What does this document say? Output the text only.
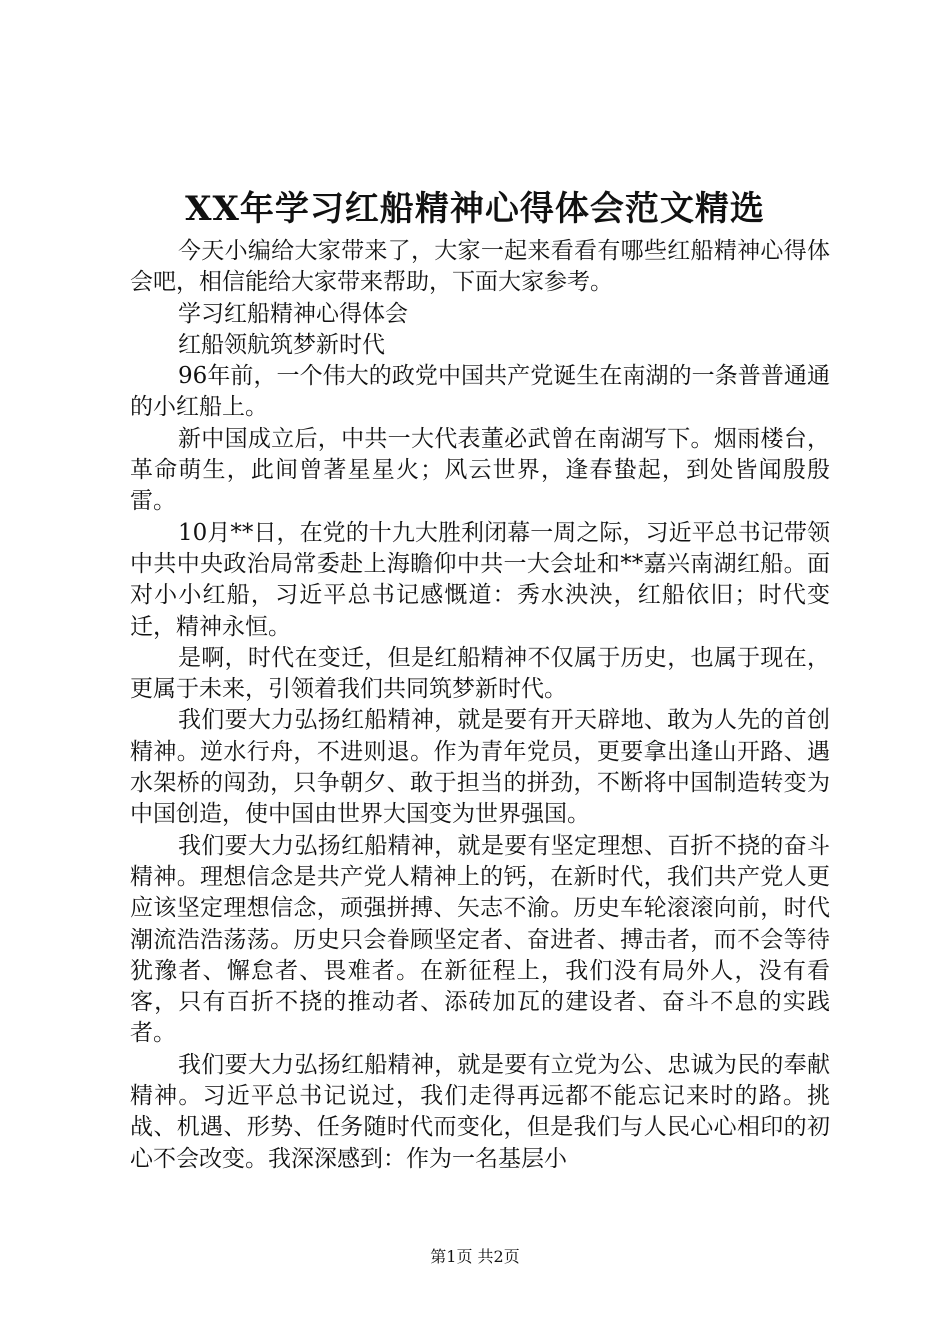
XX年学习红船精神心得体会范文精选

今天小编给大家带来了，大家一起来看看有哪些红船精神心得体会吧，相信能给大家带来帮助，下面大家参考。

学习红船精神心得体会

红船领航筑梦新时代

96年前，一个伟大的政党中国共产党诞生在南湖的一条普普通通的小红船上。

新中国成立后，中共一大代表董必武曾在南湖写下。烟雨楼台，革命萌生，此间曾著星星火；风云世界，逢春蛰起，到处皆闻殷殷雷。

10月**日，在党的十九大胜利闭幕一周之际，习近平总书记带领中共中央政治局常委赴上海瞻仰中共一大会址和**嘉兴南湖红船。面对小小红船，习近平总书记感慨道：秀水泱泱，红船依旧；时代变迁，精神永恒。

是啊，时代在变迁，但是红船精神不仅属于历史，也属于现在，更属于未来，引领着我们共同筑梦新时代。

我们要大力弘扬红船精神，就是要有开天辟地、敢为人先的首创精神。逆水行舟，不进则退。作为青年党员，更要拿出逢山开路、遇水架桥的闯劲，只争朝夕、敢于担当的拼劲，不断将中国制造转变为中国创造，使中国由世界大国变为世界强国。

我们要大力弘扬红船精神，就是要有坚定理想、百折不挠的奋斗精神。理想信念是共产党人精神上的钙，在新时代，我们共产党人更应该坚定理想信念，顽强拼搏、矢志不渝。历史车轮滚滚向前，时代潮流浩浩荡荡。历史只会眷顾坚定者、奋进者、搏击者，而不会等待犹豫者、懈怠者、畏难者。在新征程上，我们没有局外人，没有看客，只有百折不挠的推动者、添砖加瓦的建设者、奋斗不息的实践者。

我们要大力弘扬红船精神，就是要有立党为公、忠诚为民的奉献精神。习近平总书记说过，我们走得再远都不能忘记来时的路。挑战、机遇、形势、任务随时代而变化，但是我们与人民心心相印的初心不会改变。我深深感到：作为一名基层小

第1页 共2页
